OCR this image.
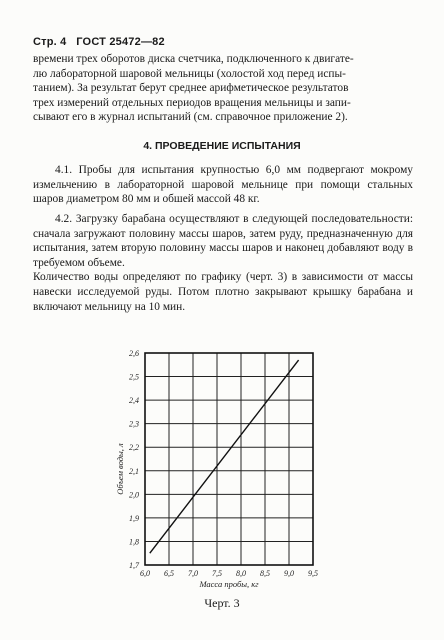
Стр. 4 ГОСТ 25472—82

времени трех оборотов диска счетчика, подключенного к двигате-

лю лабораторной шаровой мельницы (холостой ход перед испы-

танием). За результат берут среднее арифметическое результатов

трех измерений отдельных периодов вращения мельницы и запи-

сывают его в журнал испытаний (см. справочное приложение 2).

4. ПРОВЕДЕНИЕ ИСПЫТАНИЯ

4.1. Пробы для испытания крупностью 6,0 мм подвергают мокрому измельчению в лабораторной шаровой мельнице при помощи стальных шаров диаметром 80 мм и обшей массой 48 кг.

4.2. Загрузку барабана осуществляют в следующей последовательности: сначала загружают половину массы шаров, затем руду, предназначенную для испытания, затем вторую половину массы шаров и наконец добавляют воду в требуемом объеме.

Количество воды определяют по графику (черт. 3) в зависимости от массы навески исследуемой руды. Потом плотно закрывают крышку барабана и включают мельницу на 10 мин.

6,0 6,5 7,0 7,5 8,0 8,5 9,0 9,5
1,7
1,8
1,9
2,0
2,1
2,2
2,3
2,4
2,5
2,6
Масса пробы, кг
Объем воды, л
Черт. 3
